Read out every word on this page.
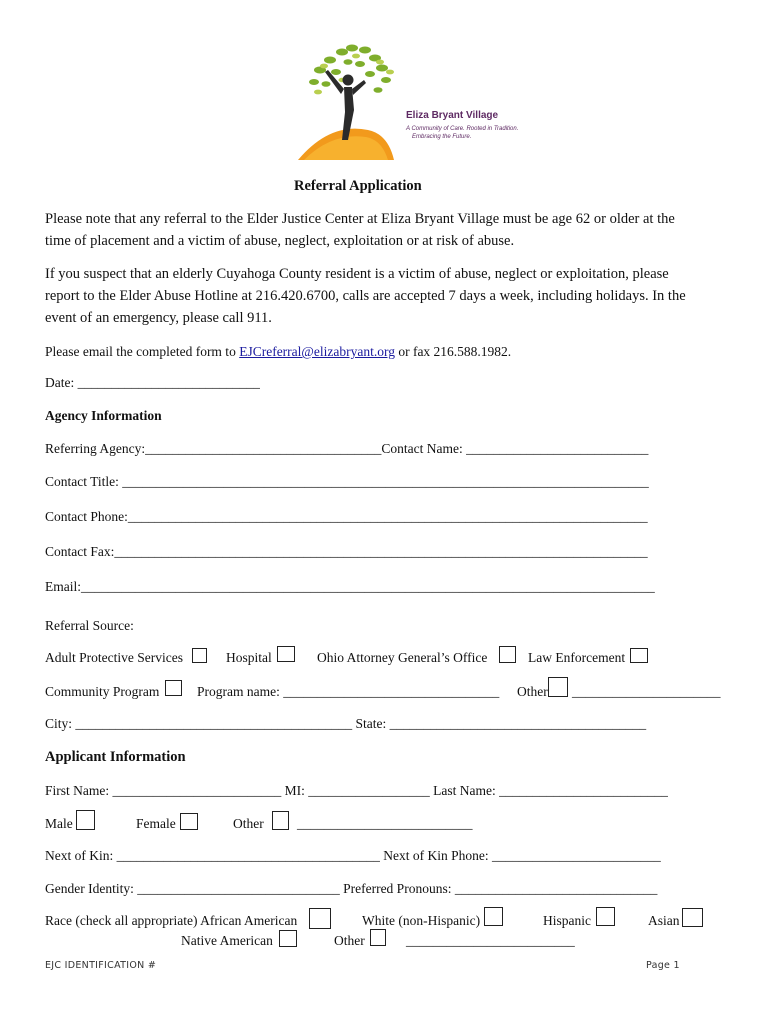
Eliza Bryant Village
A Community of Care. Rooted in Tradition.
Embracing the Future.
Referral Application
Please note that any referral to the Elder Justice Center at Eliza Bryant Village must be age 62 or older at the
time of placement and a victim of abuse, neglect, exploitation or at risk of abuse.
If you suspect that an elderly Cuyahoga County resident is a victim of abuse, neglect or exploitation, please
report to the Elder Abuse Hotline at 216.420.6700, calls are accepted 7 days a week, including holidays. In the
event of an emergency, please call 911.
Please email the completed form to EJCreferral@elizabryant.org or fax 216.588.1982.
Date: ___________________________
Agency Information
Referring Agency:___________________________________Contact Name: ___________________________
Contact Title: ______________________________________________________________________________
Contact Phone:_____________________________________________________________________________
Contact Fax:_______________________________________________________________________________
Email:_____________________________________________________________________________________
Referral Source:
Adult Protective Services	Hospital	Ohio Attorney General’s Office	Law Enforcement
Community Program	Program name: ________________________________ Other ______________________
City: _________________________________________ State: ______________________________________
Applicant Information
First Name: _________________________ MI: __________________ Last Name: _________________________
Male	Female	Other __________________________
Next of Kin: _______________________________________ Next of Kin Phone: _________________________
Gender Identity: ______________________________ Preferred Pronouns: ______________________________
Race (check all appropriate) African American	White (non-Hispanic)	Hispanic	Asian
Native American	Other	_________________________
EJC IDENTIFICATION #	Page 1
